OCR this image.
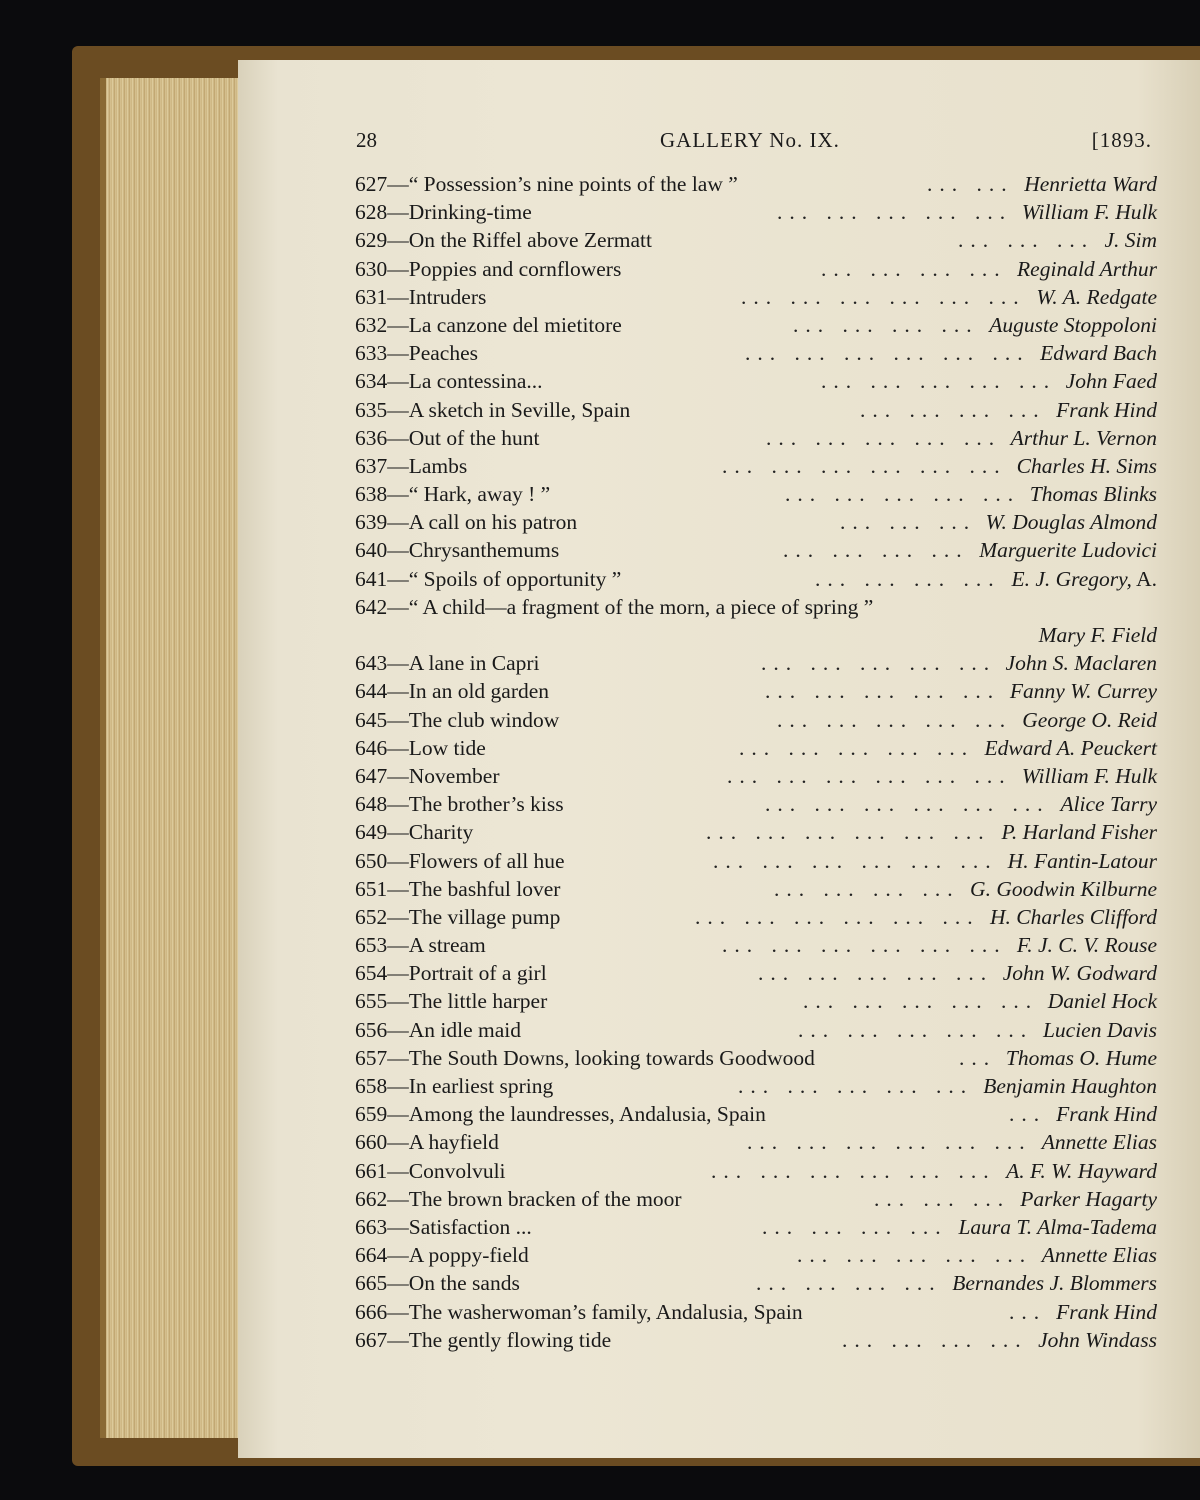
28	GALLERY No. IX.	[1893.
627—“ Possession’s nine points of the law ”	... ... Henrietta Ward
628—Drinking-time	... ... ... ... ... William F. Hulk
629—On the Riffel above Zermatt	... ... ... J. Sim
630—Poppies and cornflowers	... ... ... ... Reginald Arthur
631—Intruders	... ... ... ... ... ... W. A. Redgate
632—La canzone del mietitore	... ... ... ... Auguste Stoppoloni
633—Peaches	... ... ... ... ... ... Edward Bach
634—La contessina...	... ... ... ... ... John Faed
635—A sketch in Seville, Spain	... ... ... ... Frank Hind
636—Out of the hunt	... ... ... ... ... Arthur L. Vernon
637—Lambs	... ... ... ... ... ... Charles H. Sims
638—“ Hark, away ! ”	... ... ... ... ... Thomas Blinks
639—A call on his patron	... ... ... W. Douglas Almond
640—Chrysanthemums	... ... ... ... Marguerite Ludovici
641—“ Spoils of opportunity ”	... ... ... ... E. J. Gregory, A.
642—“ A child—a fragment of the morn, a piece of spring ”
Mary F. Field
643—A lane in Capri	... ... ... ... ... John S. Maclaren
644—In an old garden	... ... ... ... ... Fanny W. Currey
645—The club window	... ... ... ... ... George O. Reid
646—Low tide	... ... ... ... ... Edward A. Peuckert
647—November	... ... ... ... ... ... William F. Hulk
648—The brother’s kiss	... ... ... ... ... ... Alice Tarry
649—Charity	... ... ... ... ... ... P. Harland Fisher
650—Flowers of all hue	... ... ... ... ... ... H. Fantin-Latour
651—The bashful lover	... ... ... ... G. Goodwin Kilburne
652—The village pump	... ... ... ... ... ... H. Charles Clifford
653—A stream	... ... ... ... ... ... F. J. C. V. Rouse
654—Portrait of a girl	... ... ... ... ... John W. Godward
655—The little harper	... ... ... ... ... Daniel Hock
656—An idle maid	... ... ... ... ... Lucien Davis
657—The South Downs, looking towards Goodwood	... Thomas O. Hume
658—In earliest spring	... ... ... ... ... Benjamin Haughton
659—Among the laundresses, Andalusia, Spain	... Frank Hind
660—A hayfield	... ... ... ... ... ... Annette Elias
661—Convolvuli	... ... ... ... ... ... A. F. W. Hayward
662—The brown bracken of the moor	... ... ... Parker Hagarty
663—Satisfaction ...	... ... ... ... Laura T. Alma-Tadema
664—A poppy-field	... ... ... ... ... Annette Elias
665—On the sands	... ... ... ... Bernandes J. Blommers
666—The washerwoman’s family, Andalusia, Spain	... Frank Hind
667—The gently flowing tide	... ... ... ... John Windass
